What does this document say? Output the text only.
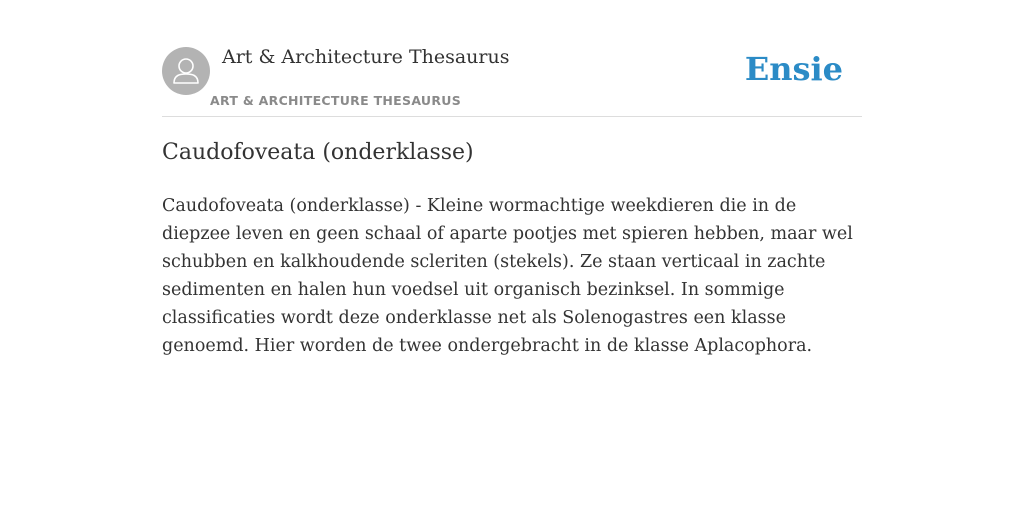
Art & Architecture Thesaurus
ART & ARCHITECTURE THESAURUS
Ensie
Caudofoveata (onderklasse)

Caudofoveata (onderklasse) - Kleine wormachtige weekdieren die in de diepzee leven en geen schaal of aparte pootjes met spieren hebben, maar wel schubben en kalkhoudende scleriten (stekels). Ze staan verticaal in zachte sedimenten en halen hun voedsel uit organisch bezinksel. In sommige classificaties wordt deze onderklasse net als Solenogastres een klasse genoemd. Hier worden de twee ondergebracht in de klasse Aplacophora.
